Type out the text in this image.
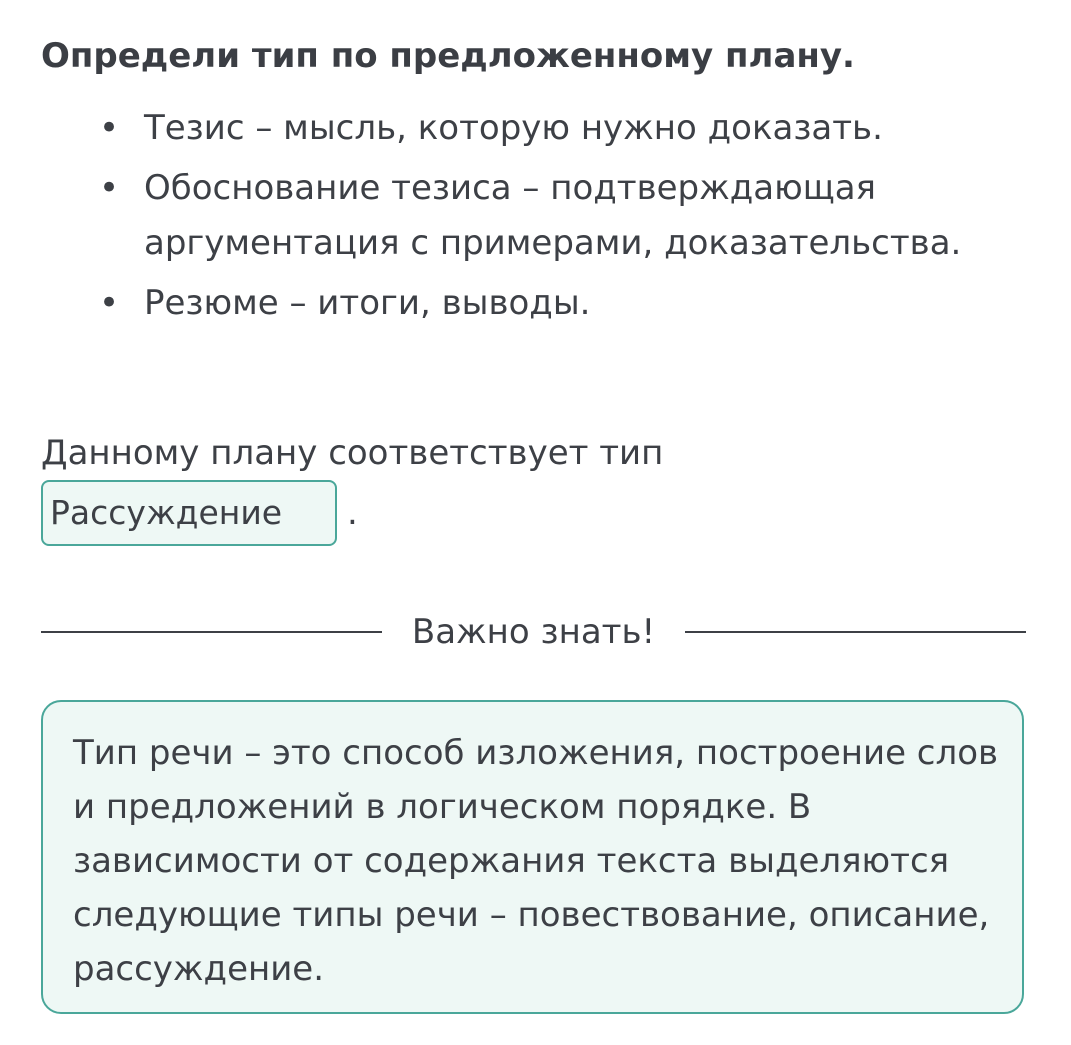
Определи тип по предложенному плану.
• Тезис – мысль, которую нужно доказать.
• Обоснование тезиса – подтверждающая аргументация с примерами, доказательства.
• Резюме – итоги, выводы.

Данному плану соответствует тип

Рассуждение	.
Важно знать!
Тип речи – это способ изложения, построение слов и предложений в логическом порядке. В зависимости от содержания текста выделяются следующие типы речи – повествование, описание, рассуждение.
